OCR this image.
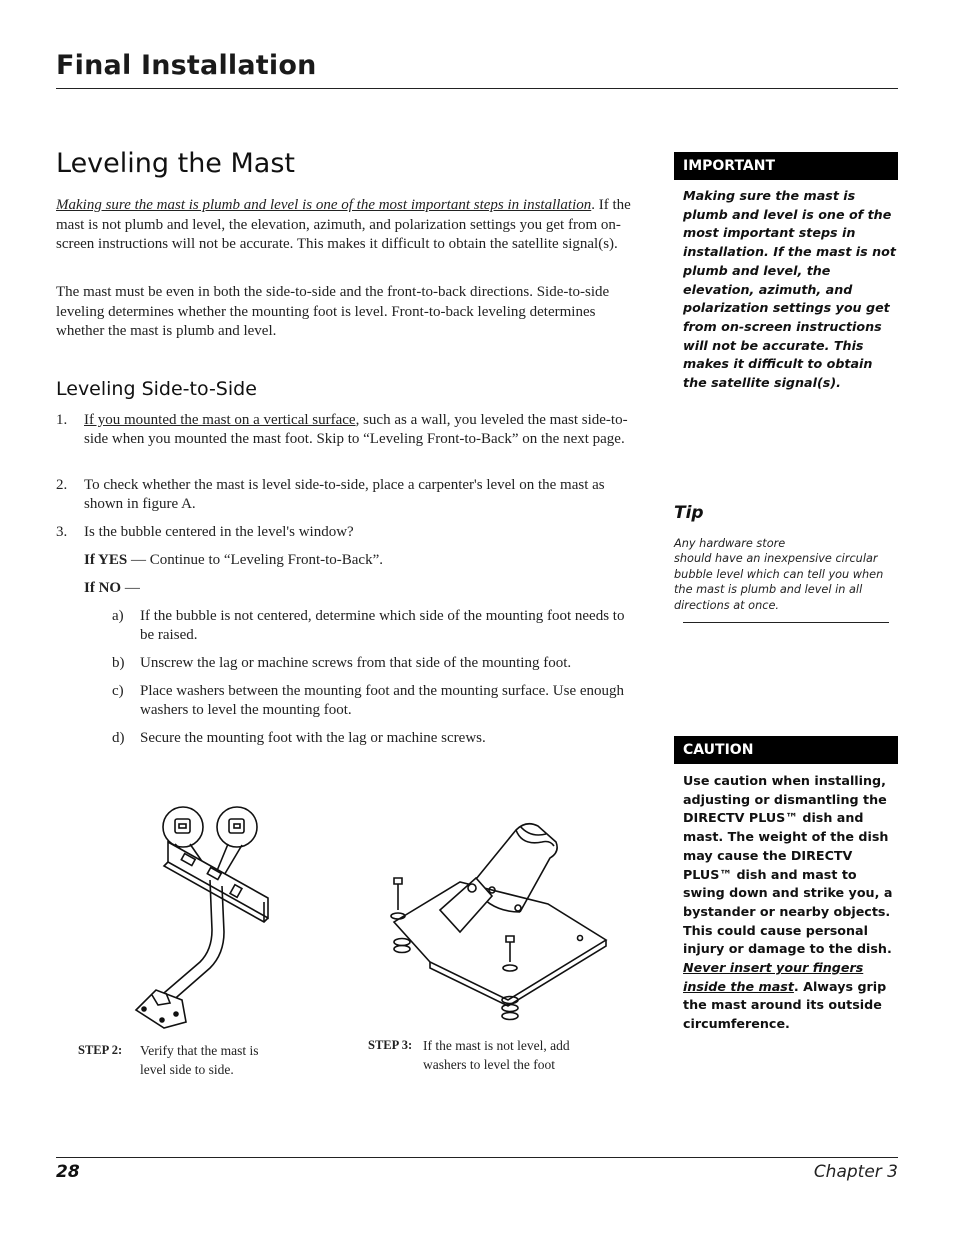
Final Installation
Leveling the Mast

Making sure the mast is plumb and level is one of the most important steps in installation. If the mast is not plumb and level, the elevation, azimuth, and polarization settings you get from on-screen instructions will not be accurate. This makes it difficult to obtain the satellite signal(s).

The mast must be even in both the side-to-side and the front-to-back directions. Side-to-side leveling determines whether the mounting foot is level. Front-to-back leveling determines whether the mast is plumb and level.

Leveling Side-to-Side
1. If you mounted the mast on a vertical surface, such as a wall, you leveled the mast side-to-side when you mounted the mast foot. Skip to “Leveling Front-to-Back” on the next page.
2. To check whether the mast is level side-to-side, place a carpenter's level on the mast as shown in figure A.
3. Is the bubble centered in the level's window?

If YES — Continue to “Leveling Front-to-Back”.

If NO —

a) If the bubble is not centered, determine which side of the mounting foot needs to be raised.
b) Unscrew the lag or machine screws from that side of the mounting foot.
c) Place washers between the mounting foot and the mounting surface. Use enough washers to level the mounting foot.
d) Secure the mounting foot with the lag or machine screws.
STEP 2: Verify that the mast is level side to side.
STEP 3: If the mast is not level, add washers to level the foot
IMPORTANT

Making sure the mast is plumb and level is one of the most important steps in installation. If the mast is not plumb and level, the elevation, azimuth, and polarization settings you get from on-screen instructions will not be accurate. This makes it difficult to obtain the satellite signal(s).

Tip

Any hardware store
should have an inexpensive circular bubble level which can tell you when the mast is plumb and level in all directions at once.

CAUTION

Use caution when installing, adjusting or dismantling the DIRECTV PLUS™ dish and mast. The weight of the dish may cause the DIRECTV PLUS™ dish and mast to swing down and strike you, a bystander or nearby objects. This could cause personal injury or damage to the dish. Never insert your fingers inside the mast. Always grip the mast around its outside circumference.

28	Chapter 3
